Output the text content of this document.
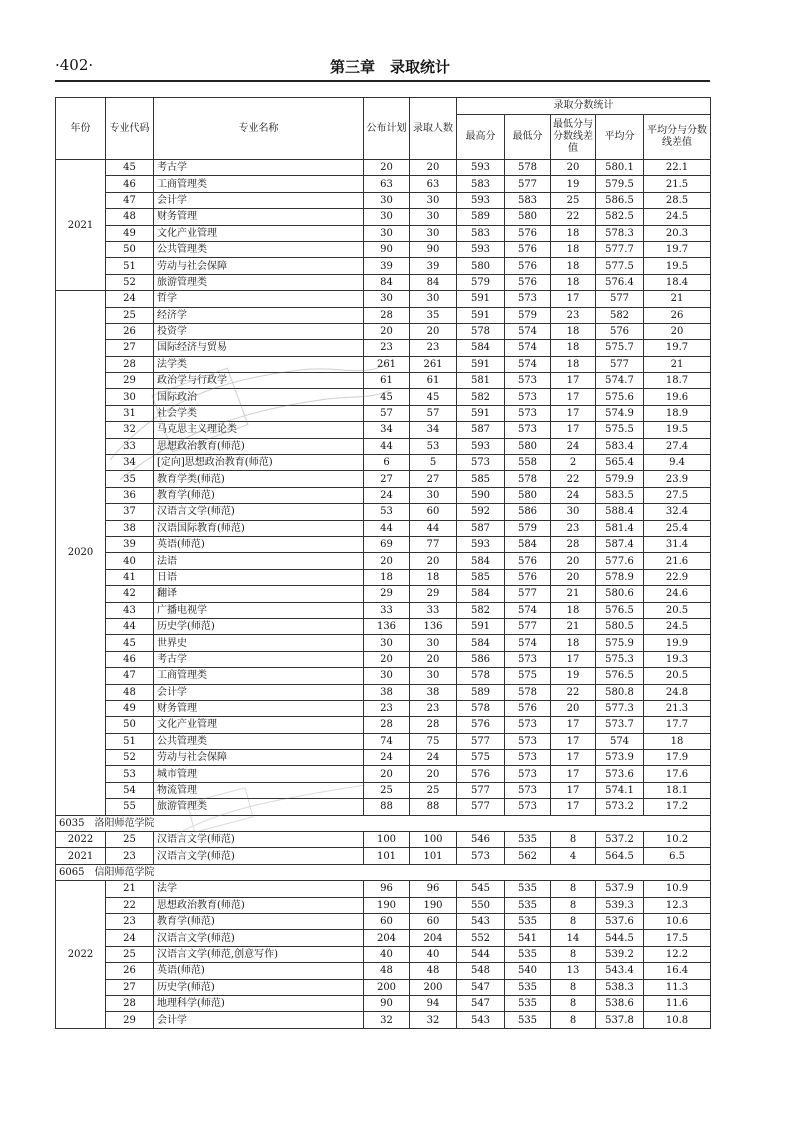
·402·	第三章　录取统计
年份	专业代码	专业名称	公布计划	录取人数	录取分数统计				
					最高分	最低分	最低分与分数线差值	平均分	平均分与分数线差值
2021	45	考古学	20	20	593	578	20	580.1	22.1
	46	工商管理类	63	63	583	577	19	579.5	21.5
	47	会计学	30	30	593	583	25	586.5	28.5
	48	财务管理	30	30	589	580	22	582.5	24.5
	49	文化产业管理	30	30	583	576	18	578.3	20.3
	50	公共管理类	90	90	593	576	18	577.7	19.7
	51	劳动与社会保障	39	39	580	576	18	577.5	19.5
	52	旅游管理类	84	84	579	576	18	576.4	18.4
2020	24	哲学	30	30	591	573	17	577	21
	25	经济学	28	35	591	579	23	582	26
	26	投资学	20	20	578	574	18	576	20
	27	国际经济与贸易	23	23	584	574	18	575.7	19.7
	28	法学类	261	261	591	574	18	577	21
	29	政治学与行政学	61	61	581	573	17	574.7	18.7
	30	国际政治	45	45	582	573	17	575.6	19.6
	31	社会学类	57	57	591	573	17	574.9	18.9
	32	马克思主义理论类	34	34	587	573	17	575.5	19.5
	33	思想政治教育(师范)	44	53	593	580	24	583.4	27.4
	34	[定向]思想政治教育(师范)	6	5	573	558	2	565.4	9.4
	35	教育学类(师范)	27	27	585	578	22	579.9	23.9
	36	教育学(师范)	24	30	590	580	24	583.5	27.5
	37	汉语言文学(师范)	53	60	592	586	30	588.4	32.4
	38	汉语国际教育(师范)	44	44	587	579	23	581.4	25.4
	39	英语(师范)	69	77	593	584	28	587.4	31.4
	40	法语	20	20	584	576	20	577.6	21.6
	41	日语	18	18	585	576	20	578.9	22.9
	42	翻译	29	29	584	577	21	580.6	24.6
	43	广播电视学	33	33	582	574	18	576.5	20.5
	44	历史学(师范)	136	136	591	577	21	580.5	24.5
	45	世界史	30	30	584	574	18	575.9	19.9
	46	考古学	20	20	586	573	17	575.3	19.3
	47	工商管理类	30	30	578	575	19	576.5	20.5
	48	会计学	38	38	589	578	22	580.8	24.8
	49	财务管理	23	23	578	576	20	577.3	21.3
	50	文化产业管理	28	28	576	573	17	573.7	17.7
	51	公共管理类	74	75	577	573	17	574	18
	52	劳动与社会保障	24	24	575	573	17	573.9	17.9
	53	城市管理	20	20	576	573	17	573.6	17.6
	54	物流管理	25	25	577	573	17	574.1	18.1
	55	旅游管理类	88	88	577	573	17	573.2	17.2
6035　洛阳师范学院									
2022	25	汉语言文学(师范)	100	100	546	535	8	537.2	10.2
2021	23	汉语言文学(师范)	101	101	573	562	4	564.5	6.5
6065　信阳师范学院									
2022	21	法学	96	96	545	535	8	537.9	10.9
	22	思想政治教育(师范)	190	190	550	535	8	539.3	12.3
	23	教育学(师范)	60	60	543	535	8	537.6	10.6
	24	汉语言文学(师范)	204	204	552	541	14	544.5	17.5
	25	汉语言文学(师范,创意写作)	40	40	544	535	8	539.2	12.2
	26	英语(师范)	48	48	548	540	13	543.4	16.4
	27	历史学(师范)	200	200	547	535	8	538.3	11.3
	28	地理科学(师范)	90	94	547	535	8	538.6	11.6
	29	会计学	32	32	543	535	8	537.8	10.8
